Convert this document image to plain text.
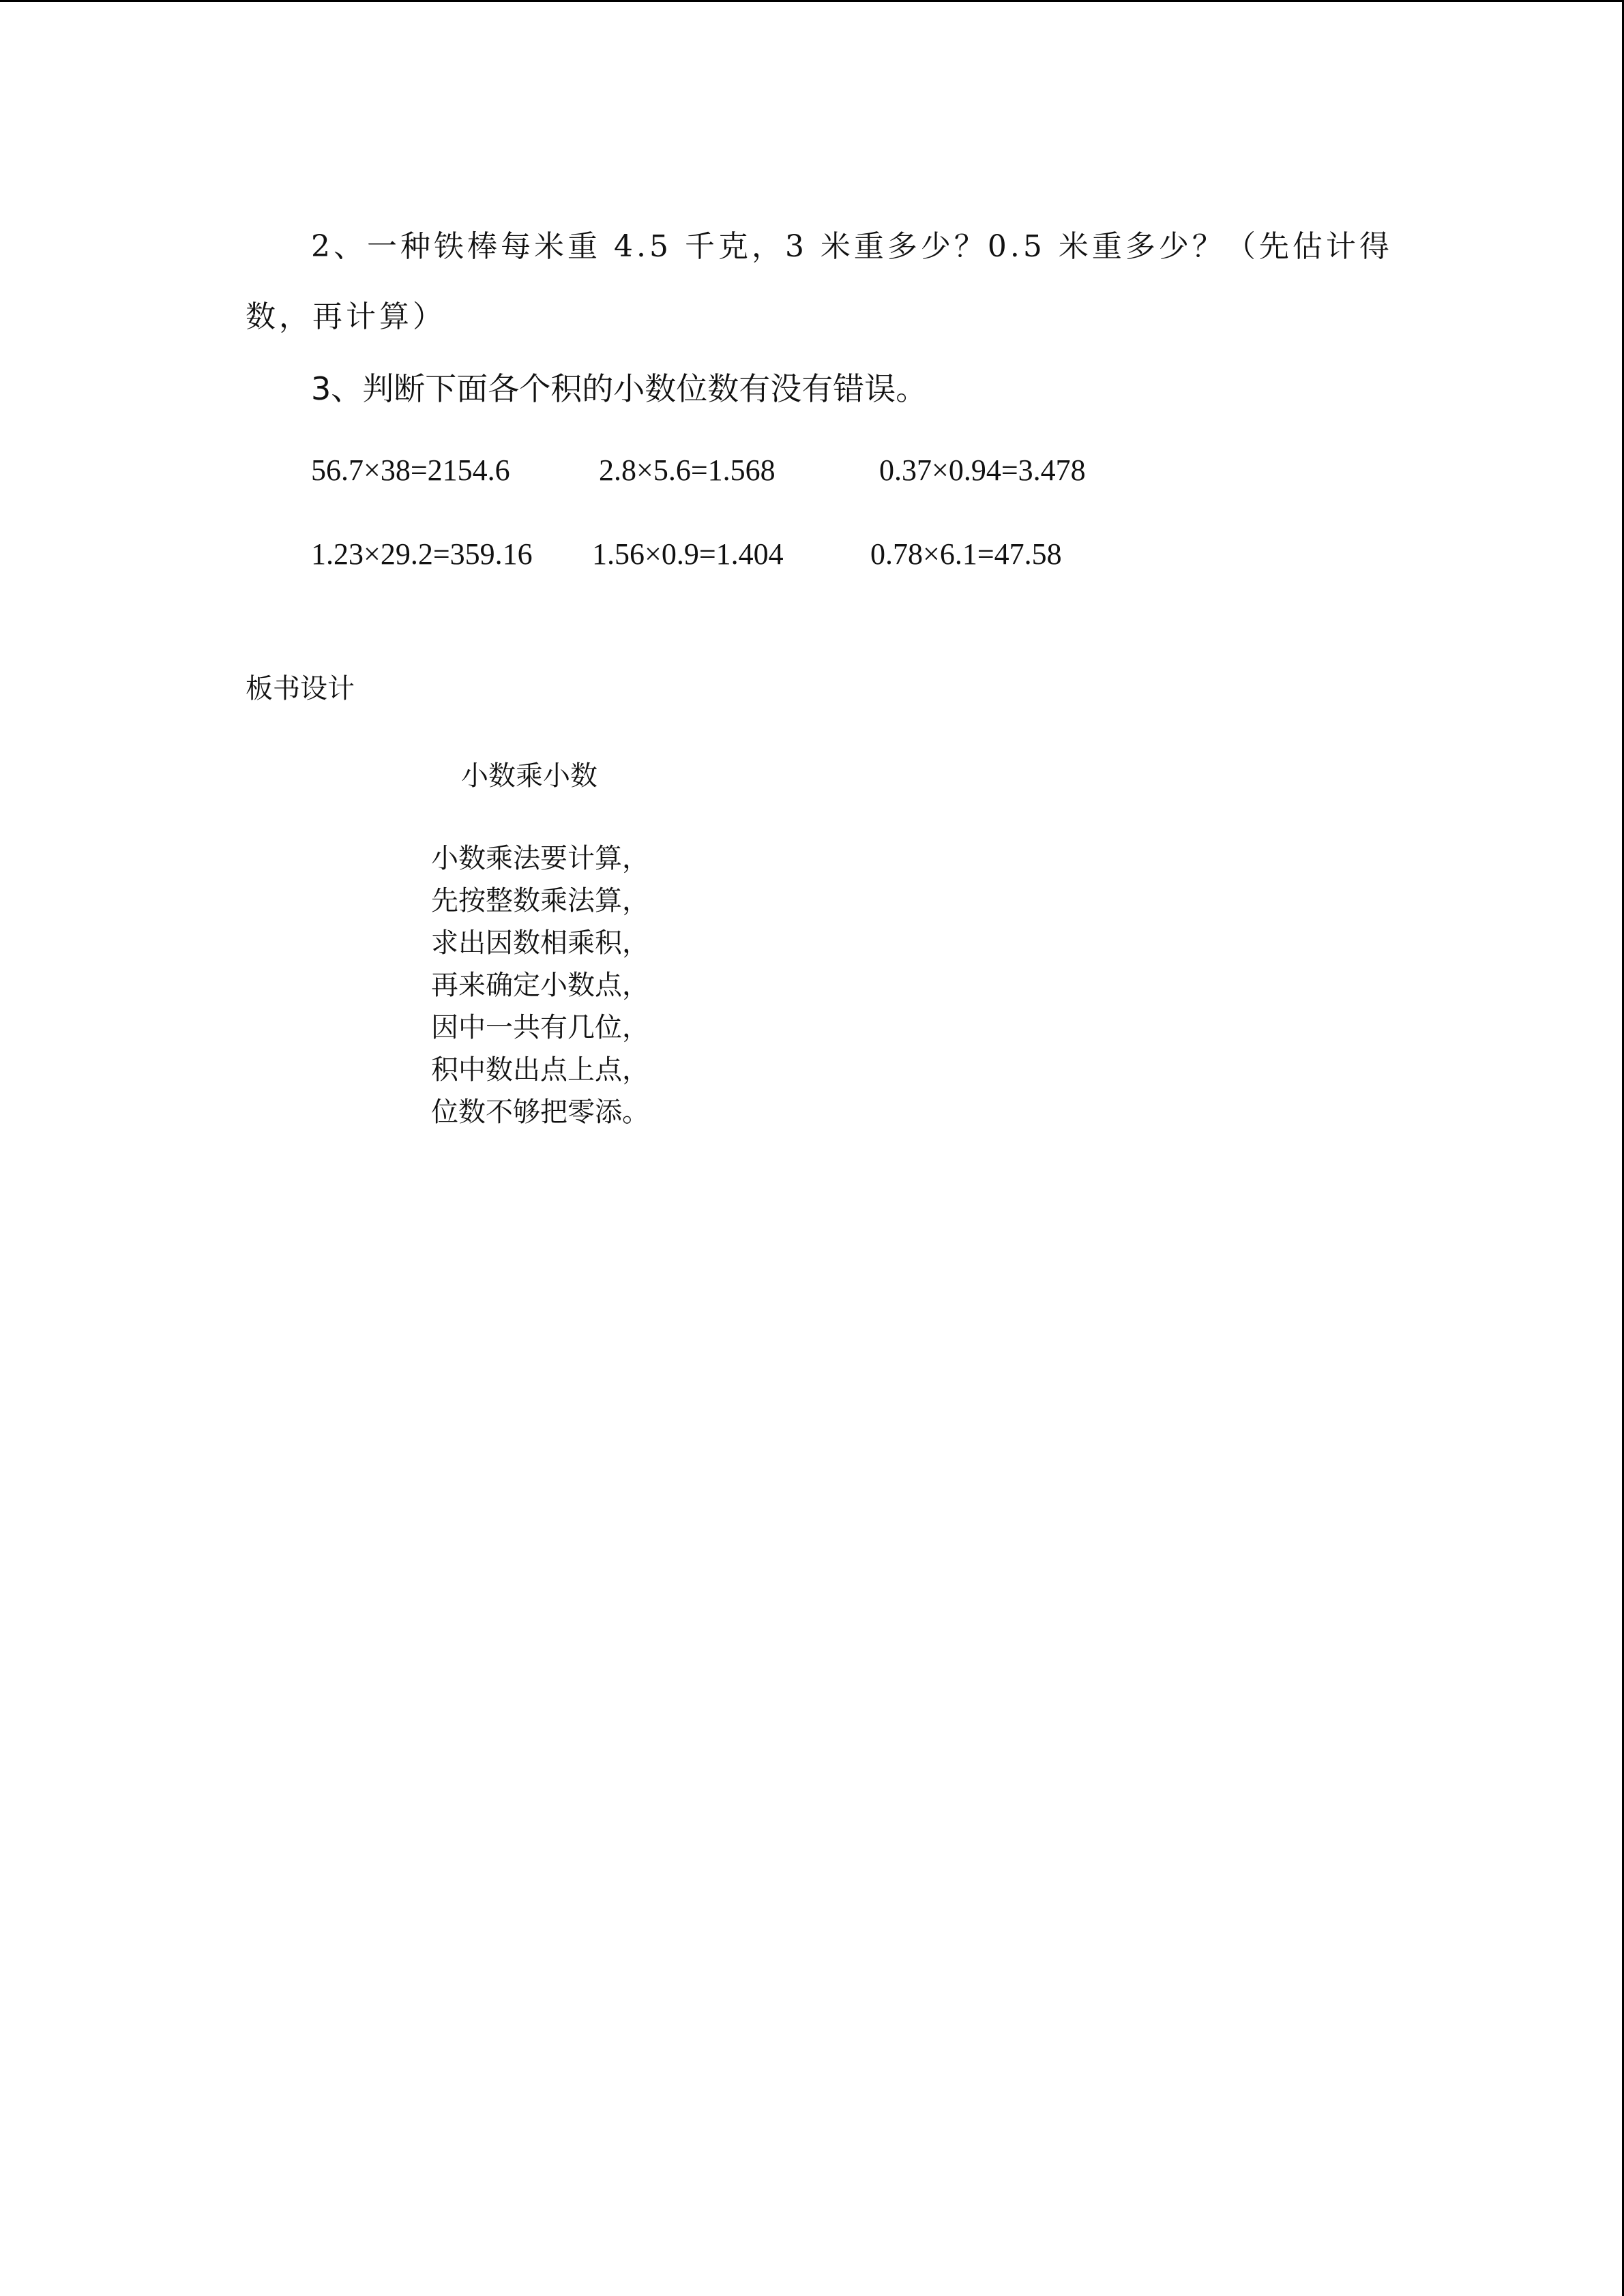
2、一种铁棒每米重 4.5 千克，3 米重多少？0.5 米重多少？（先估计得
数，再计算）
3、判断下面各个积的小数位数有没有错误。
56.7×38=2154.6	2.8×5.6=1.568	0.37×0.94=3.478
1.23×29.2=359.16 1.56×0.9=1.404	0.78×6.1=47.58
板书设计
小数乘小数
小数乘法要计算，
先按整数乘法算，
求出因数相乘积，
再来确定小数点，
因中一共有几位，
积中数出点上点，
位数不够把零添。
